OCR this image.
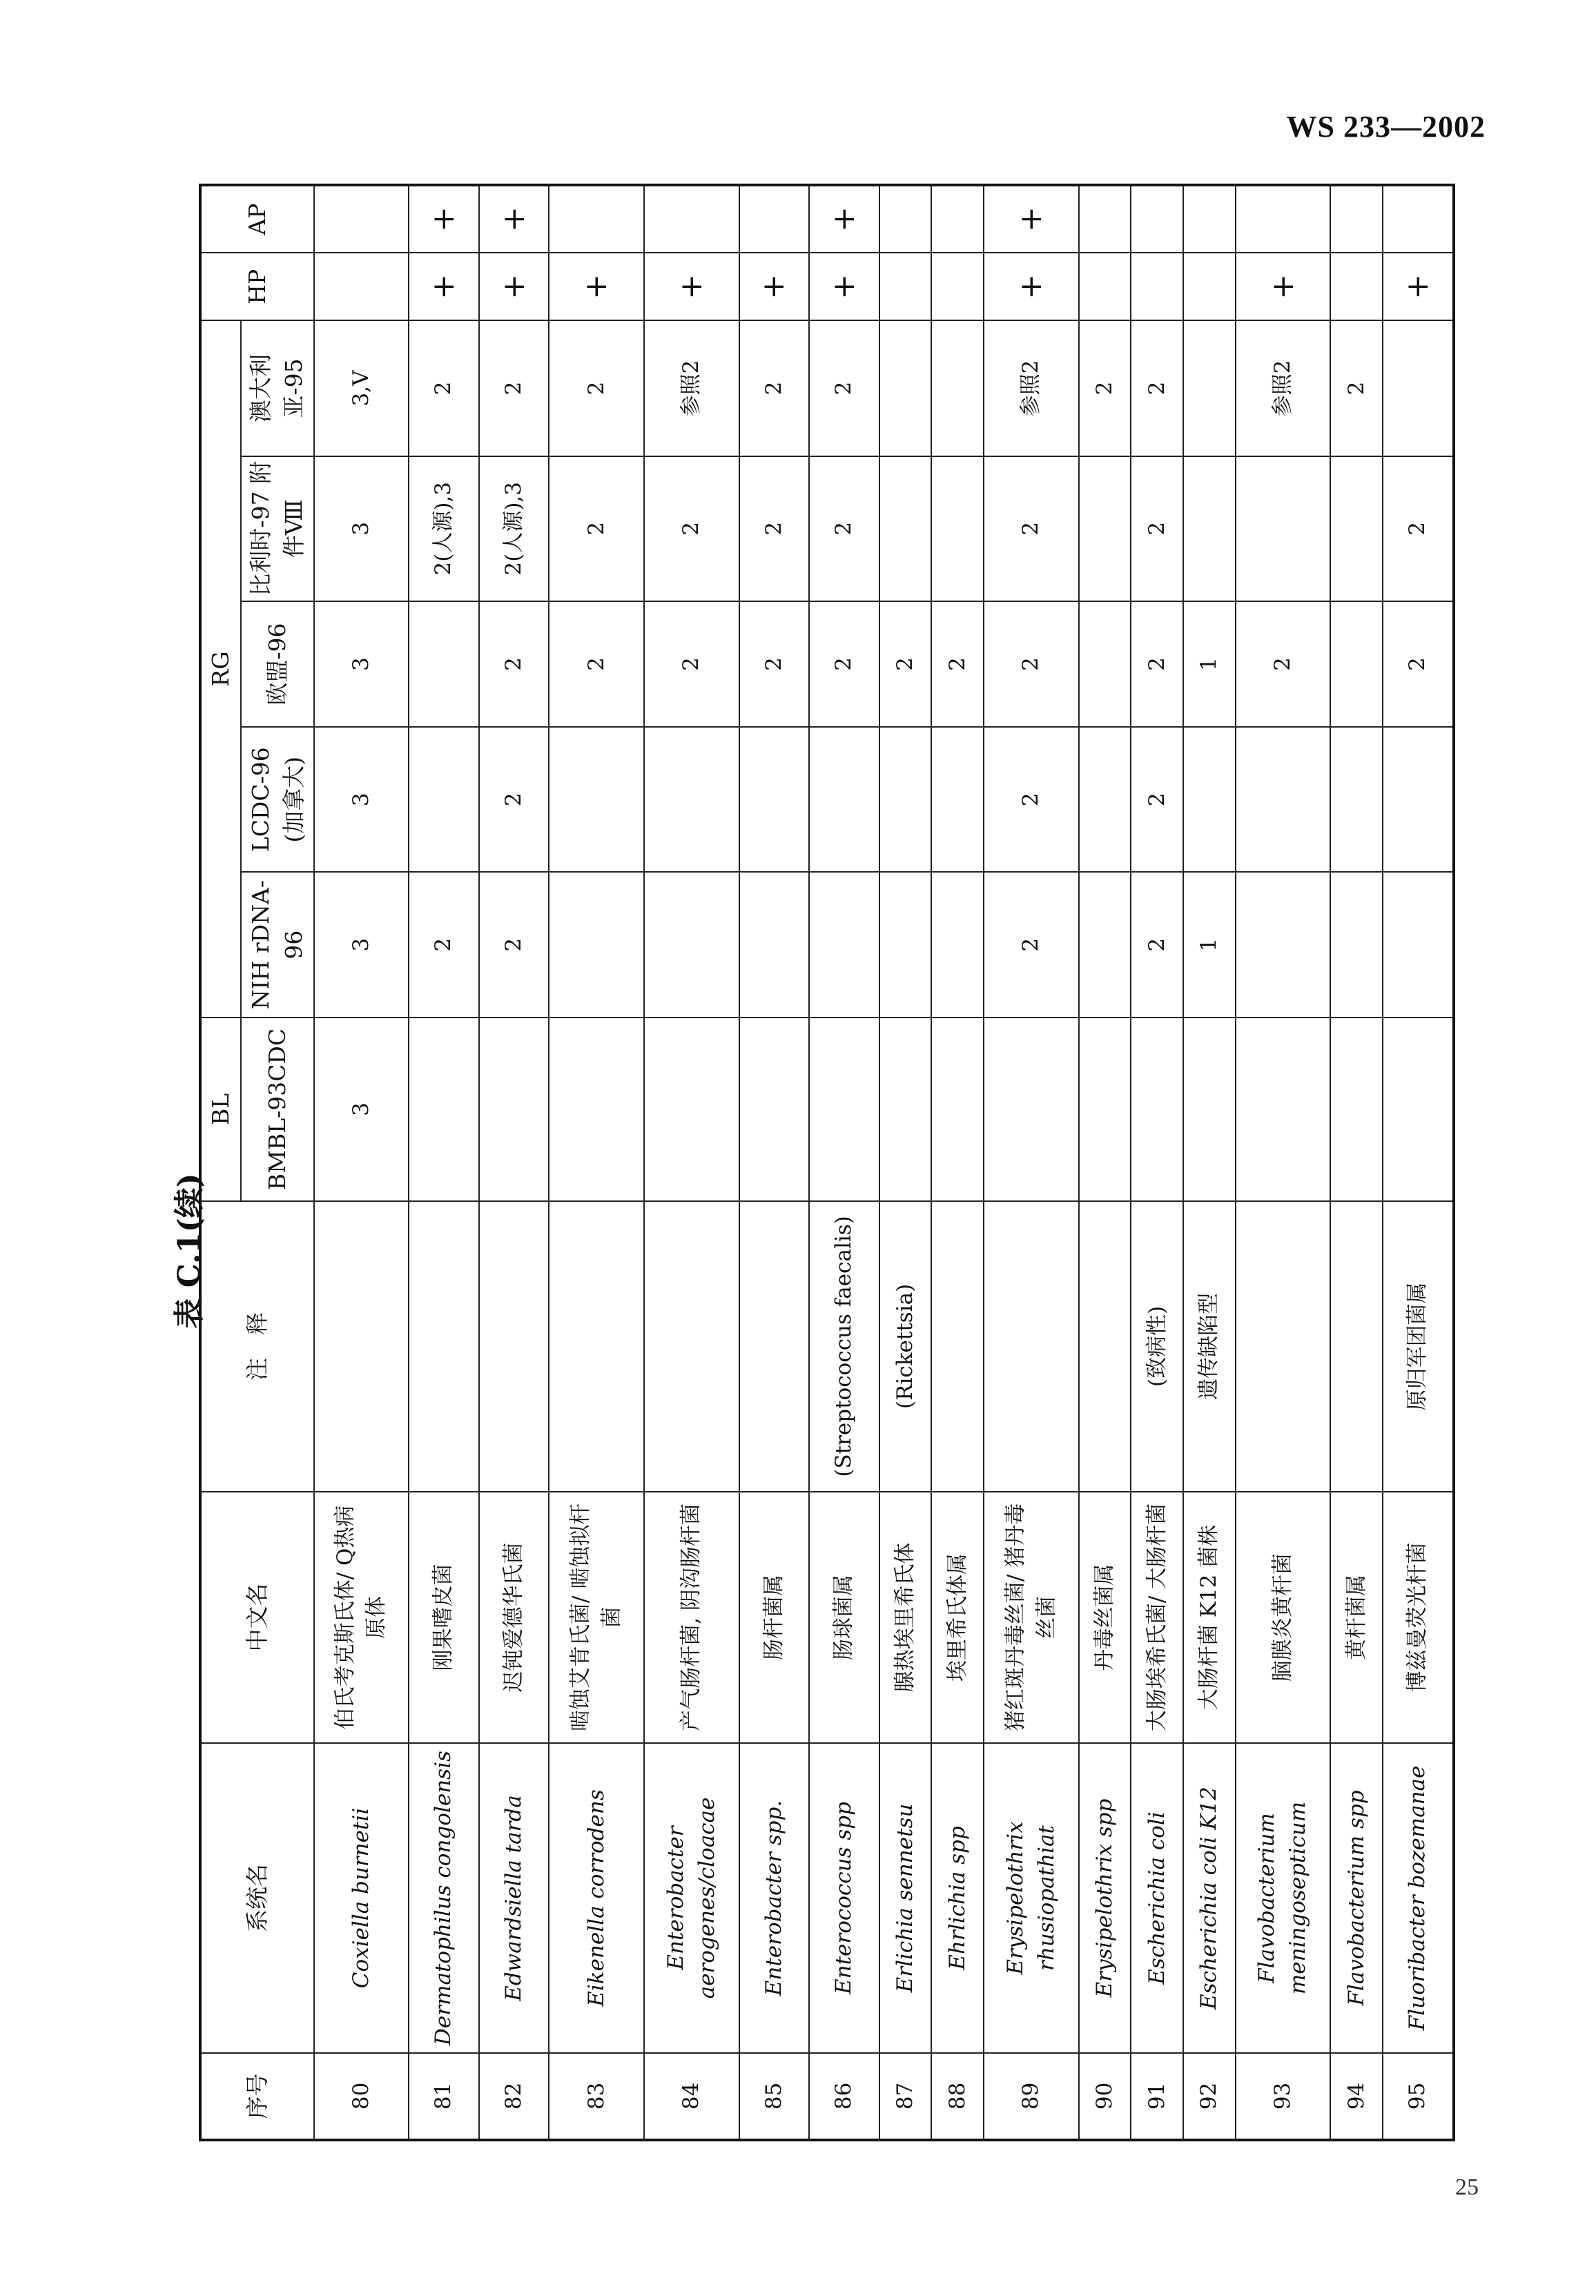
WS 233—2002
表 C.1(续)
序号	系统名	中文名	注　释	BL	RG					HP	AP
				BMBL-93CDC	NIH rDNA-96	LCDC-96 (加拿大)	欧盟-96	比利时-97 附件Ⅷ	澳大利亚-95		
80	Coxiella burnetii	伯氏考克斯氏体/ Q热病原体		3	3	3	3	3	3,V		
81	Dermatophilus congolensis	刚果嗜皮菌			2			2(人源),3	2	+	+
82	Edwardsiella tarda	迟钝爱德华氏菌			2	2	2	2(人源),3	2	+	+
83	Eikenella corrodens	啮蚀艾肯氏菌/ 啮蚀拟杆菌					2	2	2	+	
84	Enterobacter aerogenes/cloacae	产气肠杆菌, 阴沟肠杆菌					2	2	参照2	+	
85	Enterobacter spp.	肠杆菌属					2	2	2	+	
86	Enterococcus spp	肠球菌属	(Streptococcus faecalis)				2	2	2	+	+
87	Erlichia sennetsu	腺热埃里希氏体	(Rickettsia)				2				
88	Ehrlichia spp	埃里希氏体属					2				
89	Erysipelothrix rhusiopathiat	猪红斑丹毒丝菌/ 猪丹毒丝菌			2	2	2	2	参照2	+	+
90	Erysipelothrix spp	丹毒丝菌属							2		
91	Escherichia coli	大肠埃希氏菌/ 大肠杆菌	(致病性)		2	2	2	2	2		
92	Escherichia coli K12	大肠杆菌 K12 菌株	遗传缺陷型		1		1				
93	Flavobacterium meningosepticum	脑膜炎黄杆菌					2		参照2	+	
94	Flavobacterium spp	黄杆菌属							2		
95	Fluoribacter bozemanae	博兹曼荧光杆菌	原归军团菌属				2	2		+	
25
